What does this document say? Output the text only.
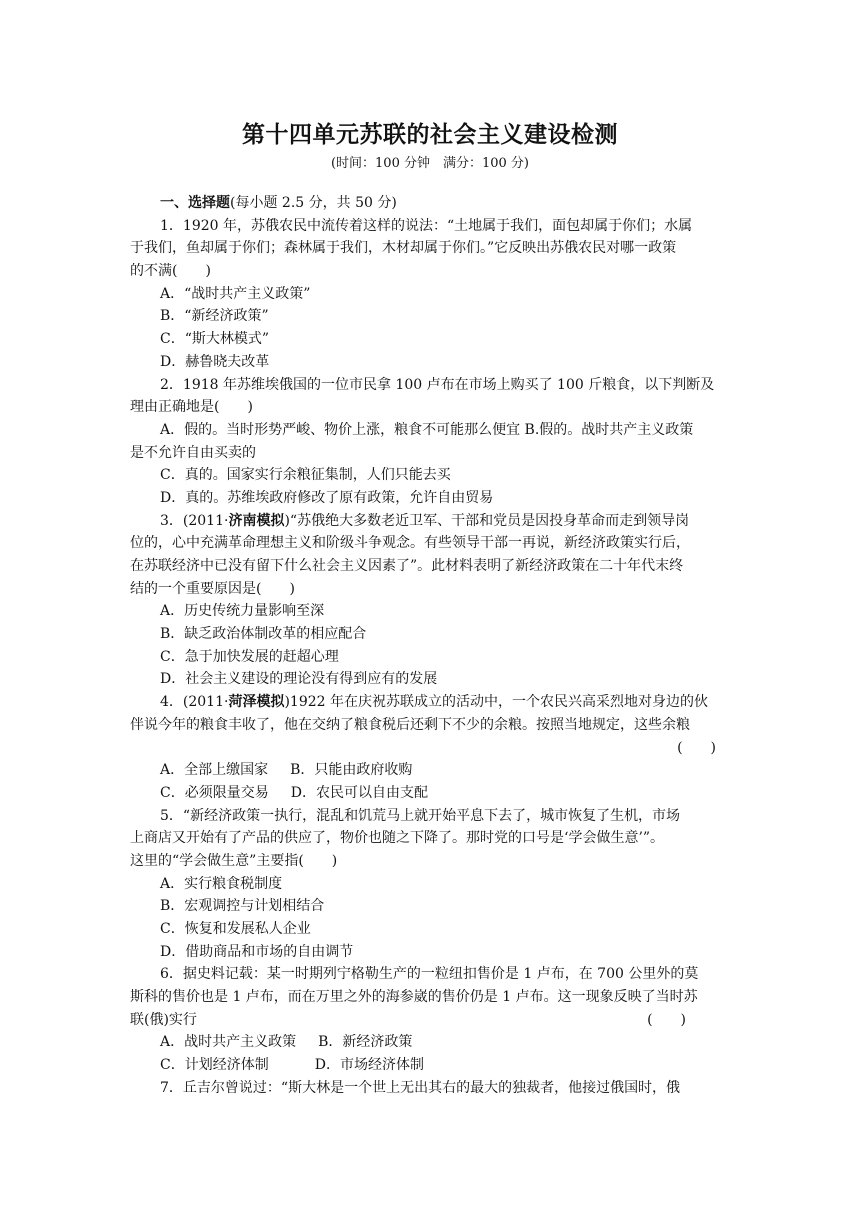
第十四单元苏联的社会主义建设检测
(时间：100 分钟　满分：100 分)
一、选择题(每小题 2.5 分，共 50 分)
1．1920 年，苏俄农民中流传着这样的说法：“土地属于我们，面包却属于你们；水属
于我们，鱼却属于你们；森林属于我们，木材却属于你们。”它反映出苏俄农民对哪一政策
的不满(　　)
A．“战时共产主义政策”
B．“新经济政策”
C．“斯大林模式”
D．赫鲁晓夫改革
2．1918 年苏维埃俄国的一位市民拿 100 卢布在市场上购买了 100 斤粮食，以下判断及
理由正确地是(　　)
A．假的。当时形势严峻、物价上涨，粮食不可能那么便宜 B.假的。战时共产主义政策
是不允许自由买卖的
C．真的。国家实行余粮征集制，人们只能去买
D．真的。苏维埃政府修改了原有政策，允许自由贸易
3．(2011·济南模拟)“苏俄绝大多数老近卫军、干部和党员是因投身革命而走到领导岗
位的，心中充满革命理想主义和阶级斗争观念。有些领导干部一再说，新经济政策实行后，
在苏联经济中已没有留下什么社会主义因素了”。此材料表明了新经济政策在二十年代末终
结的一个重要原因是(　　)
A．历史传统力量影响至深
B．缺乏政治体制改革的相应配合
C．急于加快发展的赶超心理
D．社会主义建设的理论没有得到应有的发展
4．(2011·菏泽模拟)1922 年在庆祝苏联成立的活动中，一个农民兴高采烈地对身边的伙
伴说今年的粮食丰收了，他在交纳了粮食税后还剩下不少的余粮。按照当地规定，这些余粮
(　　)
A．全部上缴国家 B．只能由政府收购
C．必须限量交易 D．农民可以自由支配
5．“新经济政策一执行，混乱和饥荒马上就开始平息下去了，城市恢复了生机，市场
上商店又开始有了产品的供应了，物价也随之下降了。那时党的口号是‘学会做生意’”。
这里的“学会做生意”主要指(　　)
A．实行粮食税制度
B．宏观调控与计划相结合
C．恢复和发展私人企业
D．借助商品和市场的自由调节
6．据史料记载：某一时期列宁格勒生产的一粒纽扣售价是 1 卢布，在 700 公里外的莫
斯科的售价也是 1 卢布，而在万里之外的海参崴的售价仍是 1 卢布。这一现象反映了当时苏
联(俄)实行	(　　)
A．战时共产主义政策 B．新经济政策
C．计划经济体制	D．市场经济体制
7．丘吉尔曾说过：“斯大林是一个世上无出其右的最大的独裁者，他接过俄国时，俄
